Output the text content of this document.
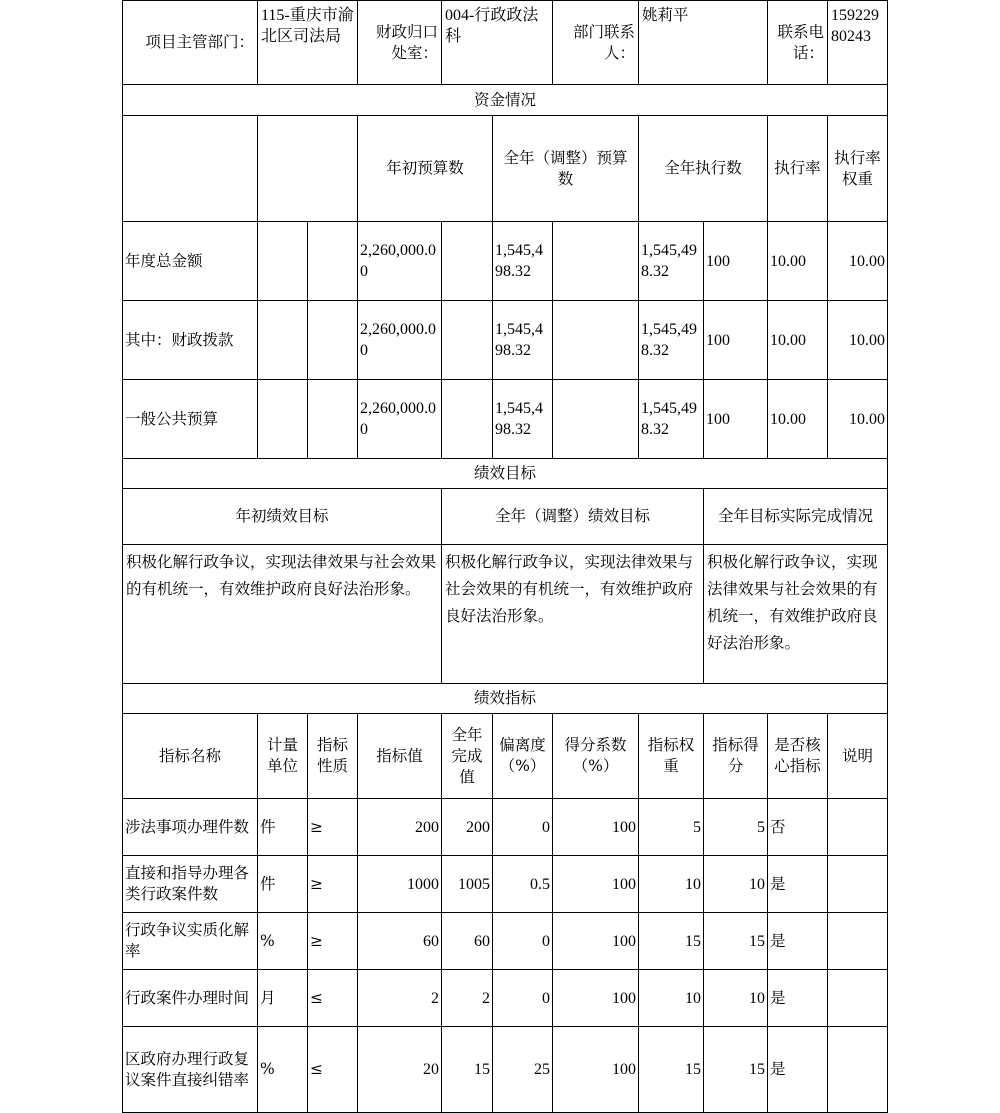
项目主管部门：	115-重庆市渝北区司法局		财政归口处室：	004-行政政法科		部门联系人：	姚莉平		联系电话：	15922980243	
资金情况											
			年初预算数		全年（调整）预算数		全年执行数		执行率	执行率权重	
年度总金额			2,260,000.00		1,545,498.32		1,545,498.32	100	10.00	10.00	
其中：财政拨款			2,260,000.00		1,545,498.32		1,545,498.32	100	10.00	10.00	
一般公共预算			2,260,000.00		1,545,498.32		1,545,498.32	100	10.00	10.00	
绩效目标											
年初绩效目标				全年（调整）绩效目标				全年目标实际完成情况			
积极化解行政争议，实现法律效果与社会效果的有机统一，有效维护政府良好法治形象。				积极化解行政争议，实现法律效果与社会效果的有机统一，有效维护政府良好法治形象。				积极化解行政争议，实现法律效果与社会效果的有机统一，有效维护政府良好法治形象。			
绩效指标											
指标名称	计量单位	指标性质	指标值	全年完成值	偏离度（%）	得分系数（%）	指标权重	指标得分	是否核心指标	说明	
涉法事项办理件数	件	≥	200	200	0	100	5	5	否		
直接和指导办理各类行政案件数	件	≥	1000	1005	0.5	100	10	10	是		
行政争议实质化解率	%	≥	60	60	0	100	15	15	是		
行政案件办理时间	月	≤	2	2	0	100	10	10	是		
区政府办理行政复议案件直接纠错率	%	≤	20	15	25	100	15	15	是		
